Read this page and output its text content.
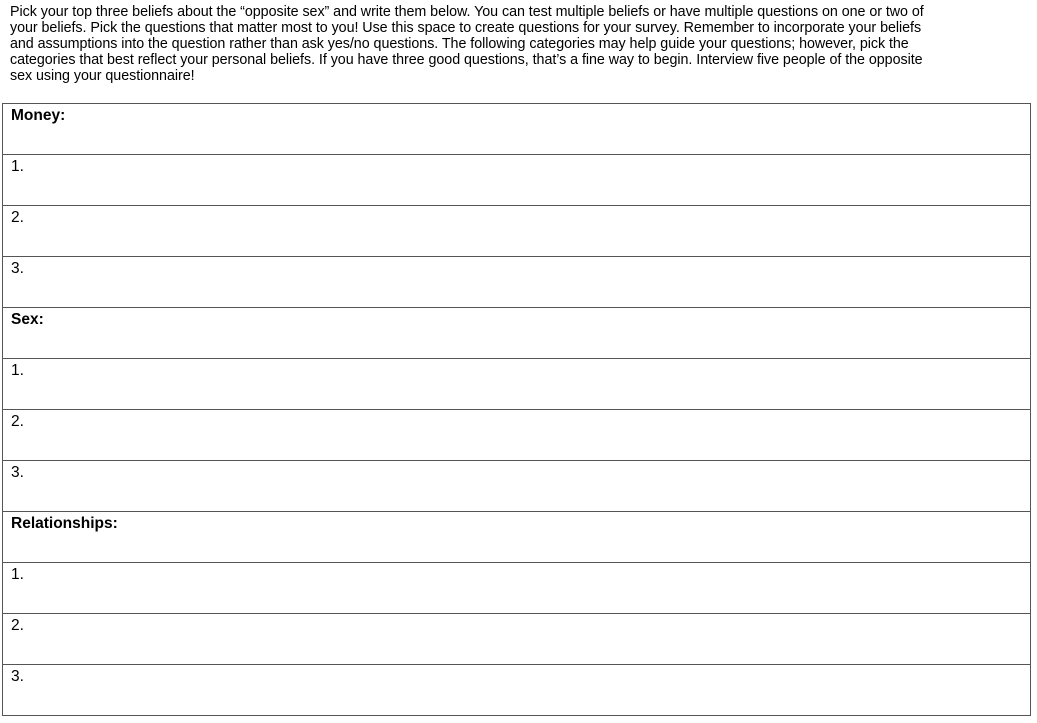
Pick your top three beliefs about the “opposite sex” and write them below. You can test multiple beliefs or have multiple questions on one or two of
your beliefs. Pick the questions that matter most to you! Use this space to create questions for your survey. Remember to incorporate your beliefs
and assumptions into the question rather than ask yes/no questions. The following categories may help guide your questions; however, pick the
categories that best reflect your personal beliefs. If you have three good questions, that’s a fine way to begin. Interview five people of the opposite
sex using your questionnaire!
Money:
1.
2.
3.
Sex:
1.
2.
3.
Relationships:
1.
2.
3.
